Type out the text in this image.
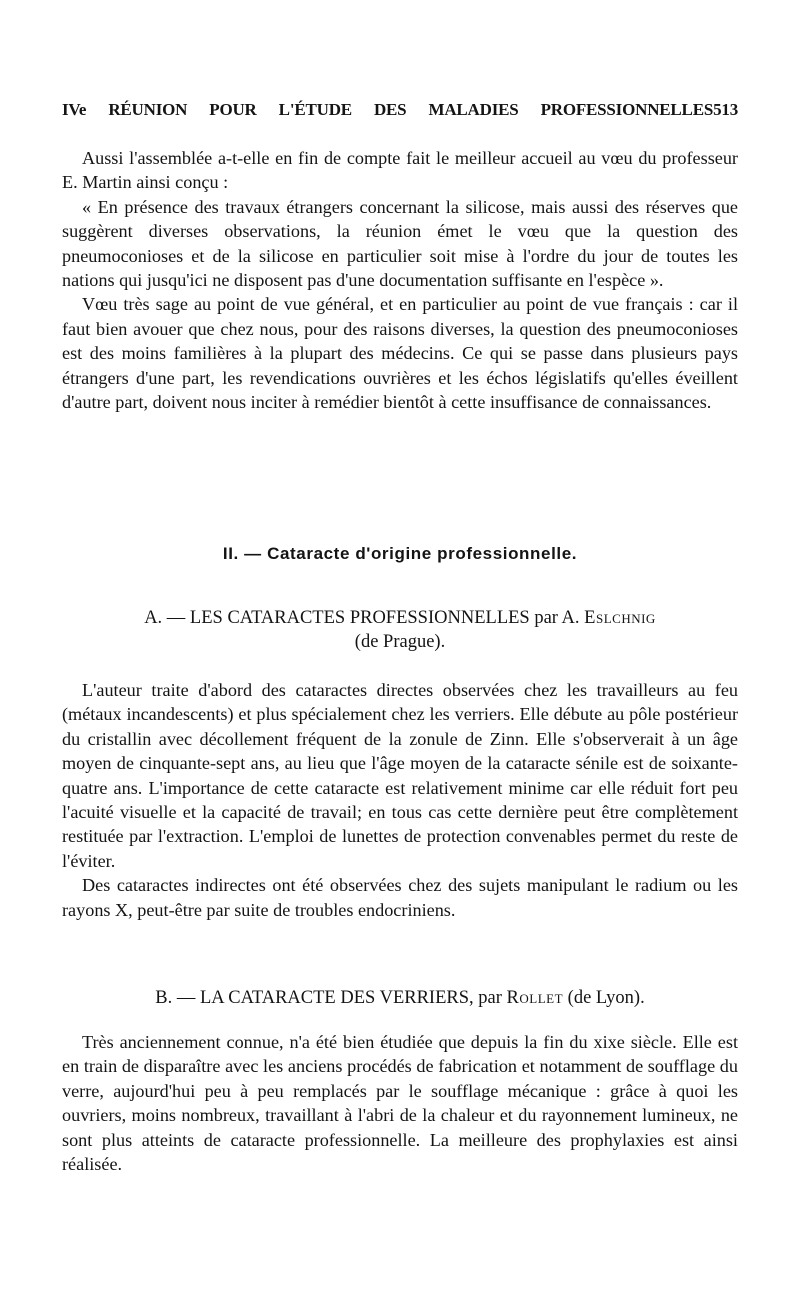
IVe RÉUNION POUR L'ÉTUDE DES MALADIES PROFESSIONNELLES 513

Aussi l'assemblée a-t-elle en fin de compte fait le meilleur accueil au vœu du professeur E. Martin ainsi conçu :

« En présence des travaux étrangers concernant la silicose, mais aussi des réserves que suggèrent diverses observations, la réunion émet le vœu que la question des pneumoconioses et de la silicose en particulier soit mise à l'ordre du jour de toutes les nations qui jusqu'ici ne disposent pas d'une documentation suffisante en l'espèce ».

Vœu très sage au point de vue général, et en particulier au point de vue français : car il faut bien avouer que chez nous, pour des raisons diverses, la question des pneumoconioses est des moins familières à la plupart des médecins. Ce qui se passe dans plusieurs pays étrangers d'une part, les revendications ouvrières et les échos législatifs qu'elles éveillent d'autre part, doivent nous inciter à remédier bientôt à cette insuffisance de connaissances.

II. — Cataracte d'origine professionnelle.
A. — LES CATARACTES PROFESSIONNELLES par A. Eslchnig
(de Prague).

L'auteur traite d'abord des cataractes directes observées chez les travailleurs au feu (métaux incandescents) et plus spécialement chez les verriers. Elle débute au pôle postérieur du cristallin avec décollement fréquent de la zonule de Zinn. Elle s'observerait à un âge moyen de cinquante-sept ans, au lieu que l'âge moyen de la cataracte sénile est de soixante-quatre ans. L'importance de cette cataracte est relativement minime car elle réduit fort peu l'acuité visuelle et la capacité de travail; en tous cas cette dernière peut être complètement restituée par l'extraction. L'emploi de lunettes de protection convenables permet du reste de l'éviter.

Des cataractes indirectes ont été observées chez des sujets manipulant le radium ou les rayons X, peut-être par suite de troubles endocriniens.

B. — LA CATARACTE DES VERRIERS, par Rollet (de Lyon).

Très anciennement connue, n'a été bien étudiée que depuis la fin du xixe siècle. Elle est en train de disparaître avec les anciens procédés de fabrication et notamment de soufflage du verre, aujourd'hui peu à peu remplacés par le soufflage mécanique : grâce à quoi les ouvriers, moins nombreux, travaillant à l'abri de la chaleur et du rayonnement lumineux, ne sont plus atteints de cataracte professionnelle. La meilleure des prophylaxies est ainsi réalisée.
